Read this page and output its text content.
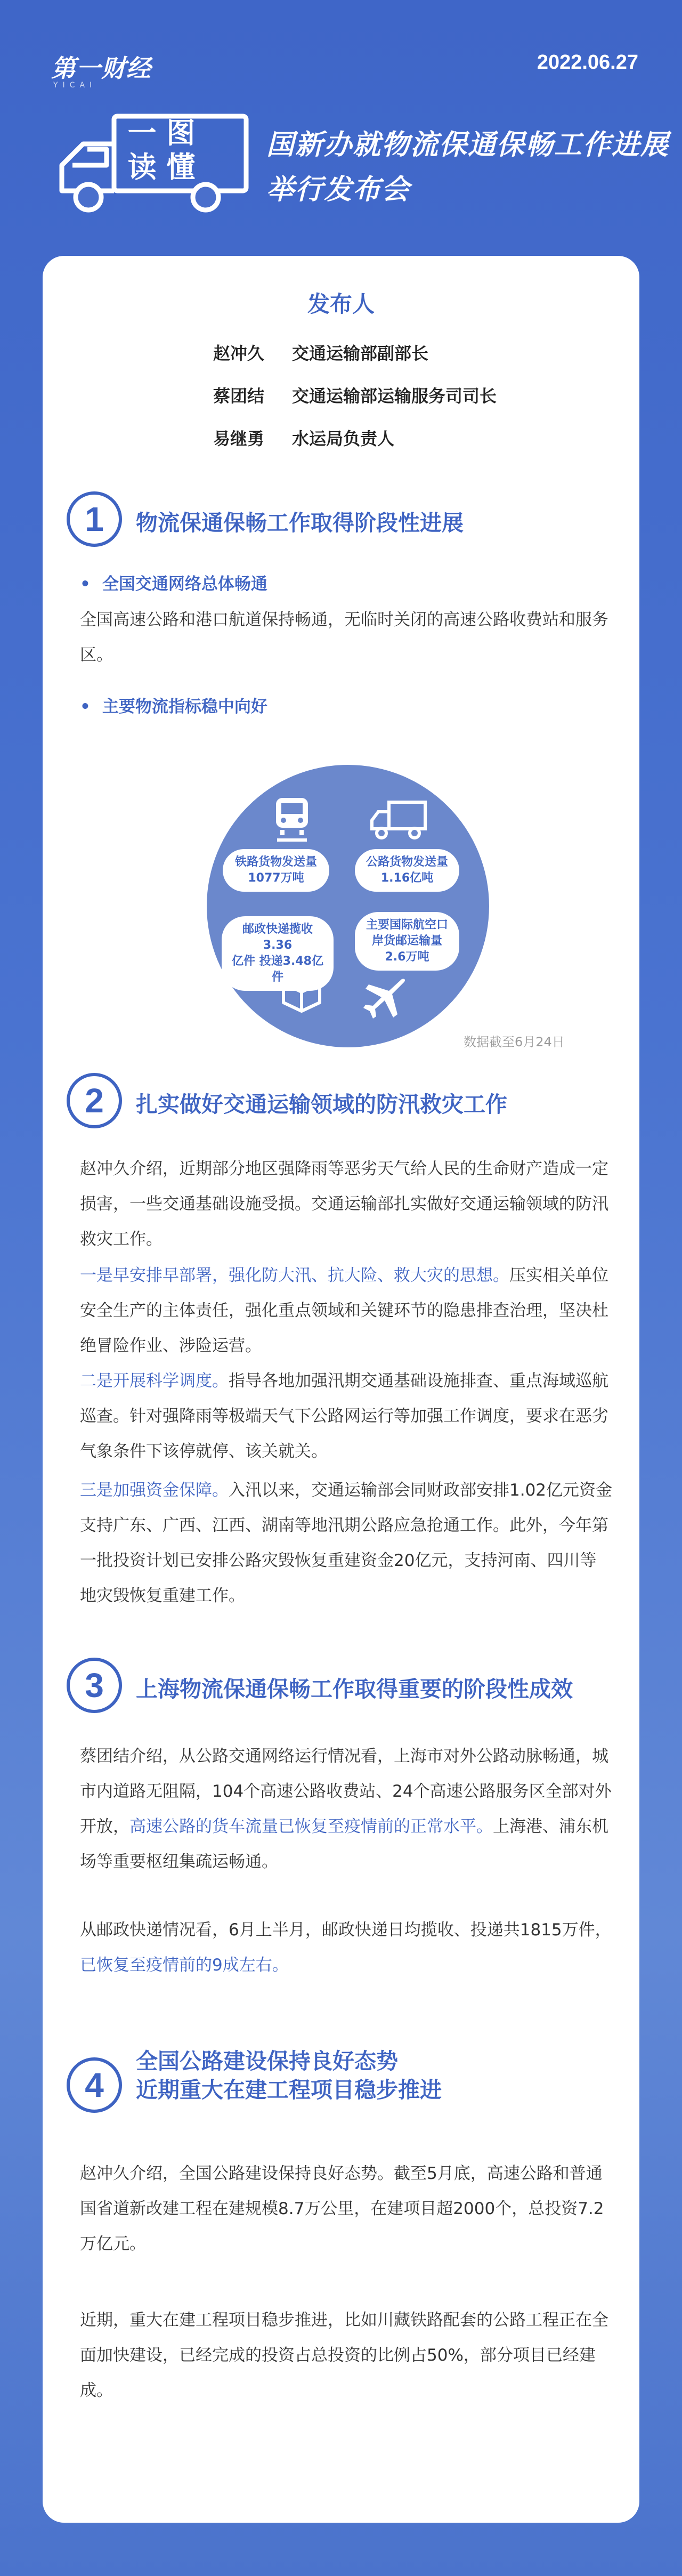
第一财经
YICAI
2022.06.27
一 图
读 懂
国新办就物流保通保畅工作进展
举行发布会
发布人
赵冲久 交通运输部副部长
蔡团结 交通运输部运输服务司司长
易继勇 水运局负责人
1	物流保通保畅工作取得阶段性进展
• 全国交通网络总体畅通
全国高速公路和港口航道保持畅通，无临时关闭的高速公路收费站和服务区。
• 主要物流指标稳中向好
铁路货物发送量
1077万吨
公路货物发送量
1.16亿吨
邮政快递揽收3.36
亿件 投递3.48亿件
主要国际航空口
岸货邮运输量
2.6万吨
数据截至6月24日
2	扎实做好交通运输领域的防汛救灾工作
赵冲久介绍，近期部分地区强降雨等恶劣天气给人民的生命财产造成一定损害，一些交通基础设施受损。交通运输部扎实做好交通运输领域的防汛救灾工作。
一是早安排早部署，强化防大汛、抗大险、救大灾的思想。压实相关单位安全生产的主体责任，强化重点领域和关键环节的隐患排查治理，坚决杜绝冒险作业、涉险运营。
二是开展科学调度。指导各地加强汛期交通基础设施排查、重点海域巡航巡查。针对强降雨等极端天气下公路网运行等加强工作调度，要求在恶劣气象条件下该停就停、该关就关。
三是加强资金保障。入汛以来，交通运输部会同财政部安排1.02亿元资金支持广东、广西、江西、湖南等地汛期公路应急抢通工作。此外，今年第一批投资计划已安排公路灾毁恢复重建资金20亿元，支持河南、四川等地灾毁恢复重建工作。
3	上海物流保通保畅工作取得重要的阶段性成效
蔡团结介绍，从公路交通网络运行情况看，上海市对外公路动脉畅通，城市内道路无阻隔，104个高速公路收费站、24个高速公路服务区全部对外开放，高速公路的货车流量已恢复至疫情前的正常水平。上海港、浦东机场等重要枢纽集疏运畅通。
从邮政快递情况看，6月上半月，邮政快递日均揽收、投递共1815万件，已恢复至疫情前的9成左右。
4
全国公路建设保持良好态势
近期重大在建工程项目稳步推进
赵冲久介绍，全国公路建设保持良好态势。截至5月底，高速公路和普通国省道新改建工程在建规模8.7万公里，在建项目超2000个，总投资7.2万亿元。
近期，重大在建工程项目稳步推进，比如川藏铁路配套的公路工程正在全面加快建设，已经完成的投资占总投资的比例占50%，部分项目已经建成。
